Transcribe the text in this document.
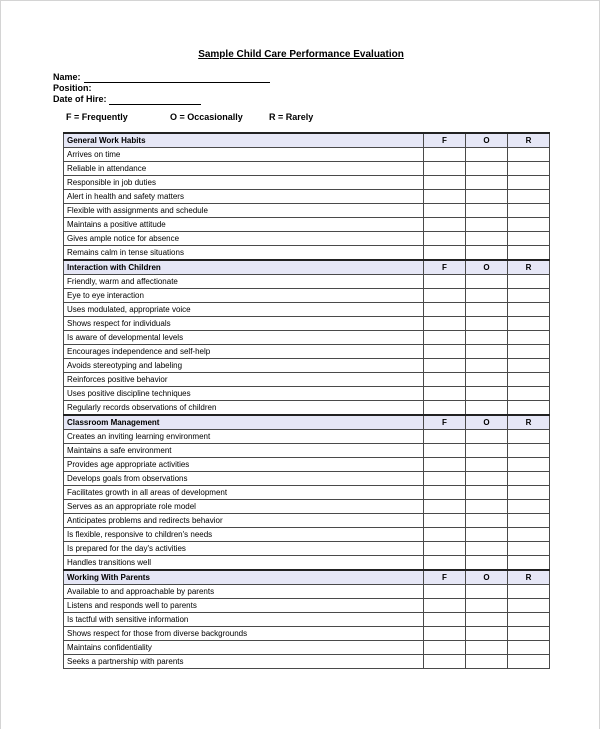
Sample Child Care Performance Evaluation
Name:
Position:
Date of Hire:
F = Frequently	O = Occasionally	R = Rarely
General Work Habits	F	O	R
Arrives on time			
Reliable in attendance			
Responsible in job duties			
Alert in health and safety matters			
Flexible with assignments and schedule			
Maintains a positive attitude			
Gives ample notice for absence			
Remains calm in tense situations			
Interaction with Children	F	O	R
Friendly, warm and affectionate			
Eye to eye interaction			
Uses modulated, appropriate voice			
Shows respect for individuals			
Is aware of developmental levels			
Encourages independence and self-help			
Avoids stereotyping and labeling			
Reinforces positive behavior			
Uses positive discipline techniques			
Regularly records observations of children			
Classroom Management	F	O	R
Creates an inviting learning environment			
Maintains a safe environment			
Provides age appropriate activities			
Develops goals from observations			
Facilitates growth in all areas of development			
Serves as an appropriate role model			
Anticipates problems and redirects behavior			
Is flexible, responsive to children's needs			
Is prepared for the day's activities			
Handles transitions well			
Working With Parents	F	O	R
Available to and approachable by parents			
Listens and responds well to parents			
Is tactful with sensitive information			
Shows respect for those from diverse backgrounds			
Maintains confidentiality			
Seeks a partnership with parents			
